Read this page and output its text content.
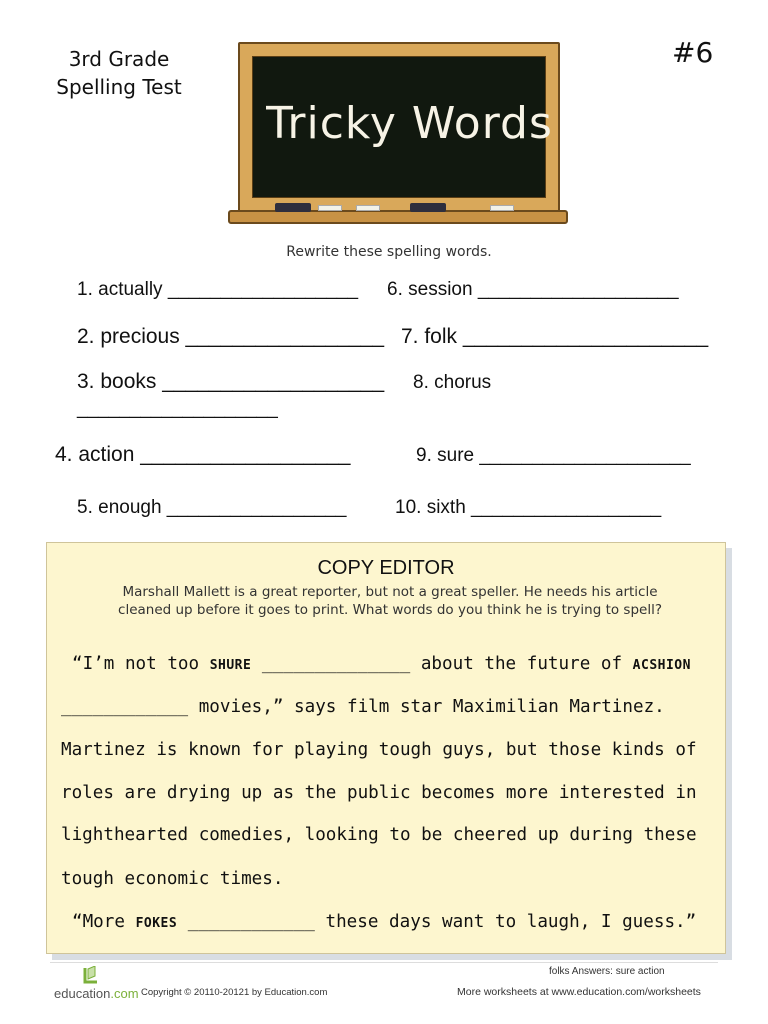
3rd Grade
Spelling Test
#6
Tricky Words
Rewrite these spelling words.
1. actually __________________ 6. session ___________________
2. precious _________________ 7. folk _____________________
3. books ___________________ 8. chorus
___________________
4. action __________________	9. sure ____________________
5. enough _________________	10. sixth __________________
COPY EDITOR
Marshall Mallett is a great reporter, but not a great speller. He needs his article
cleaned up before it goes to print. What words do you think he is trying to spell?
“I’m not too SHURE ______________ about the future of ACSHION
____________ movies,” says film star Maximilian Martinez.
Martinez is known for playing tough guys, but those kinds of
roles are drying up as the public becomes more interested in
lighthearted comedies, looking to be cheered up during these
tough economic times.
“More FOKES ____________ these days want to laugh, I guess.”
folks Answers: sure action
education.com Copyright © 20110-20121 by Education.com	More worksheets at www.education.com/worksheets
